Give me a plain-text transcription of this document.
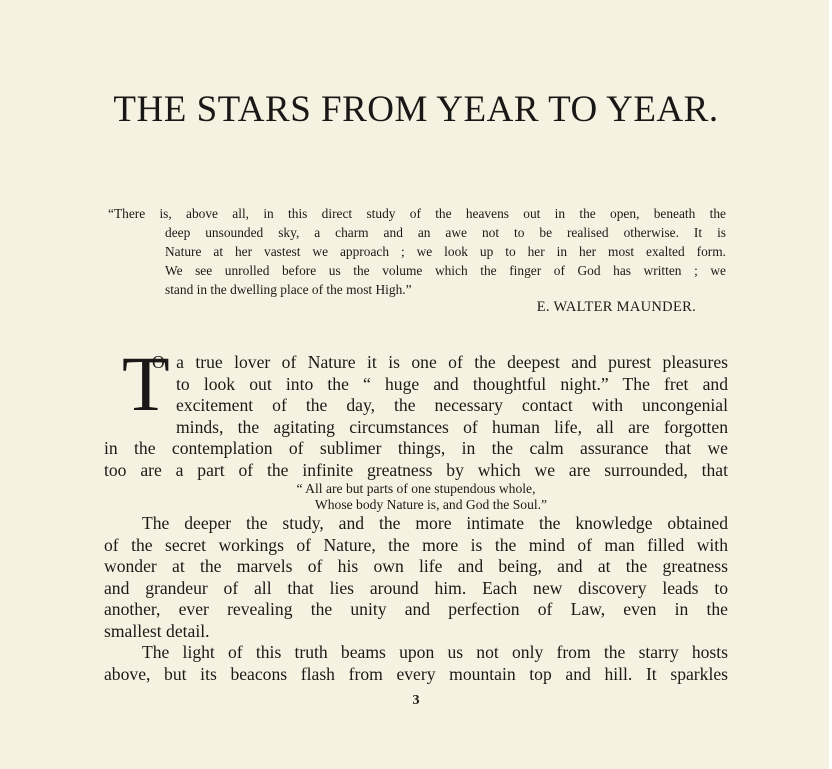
THE STARS FROM YEAR TO YEAR.
“There is, above all, in this direct study of the heavens out in the open, beneath the
deep unsounded sky, a charm and an awe not to be realised otherwise. It is
Nature at her vastest we approach ; we look up to her in her most exalted form.
We see unrolled before us the volume which the finger of God has written ; we
stand in the dwelling place of the most High.”
E. WALTER MAUNDER.
T
O a true lover of Nature it is one of the deepest and purest pleasures
to look out into the “ huge and thoughtful night.” The fret and
excitement of the day, the necessary contact with uncongenial
minds, the agitating circumstances of human life, all are forgotten
in the contemplation of sublimer things, in the calm assurance that we
too are a part of the infinite greatness by which we are surrounded, that
“ All are but parts of one stupendous whole,
Whose body Nature is, and God the Soul.”
The deeper the study, and the more intimate the knowledge obtained
of the secret workings of Nature, the more is the mind of man filled with
wonder at the marvels of his own life and being, and at the greatness
and grandeur of all that lies around him. Each new discovery leads to
another, ever revealing the unity and perfection of Law, even in the
smallest detail.
The light of this truth beams upon us not only from the starry hosts
above, but its beacons flash from every mountain top and hill. It sparkles
3
